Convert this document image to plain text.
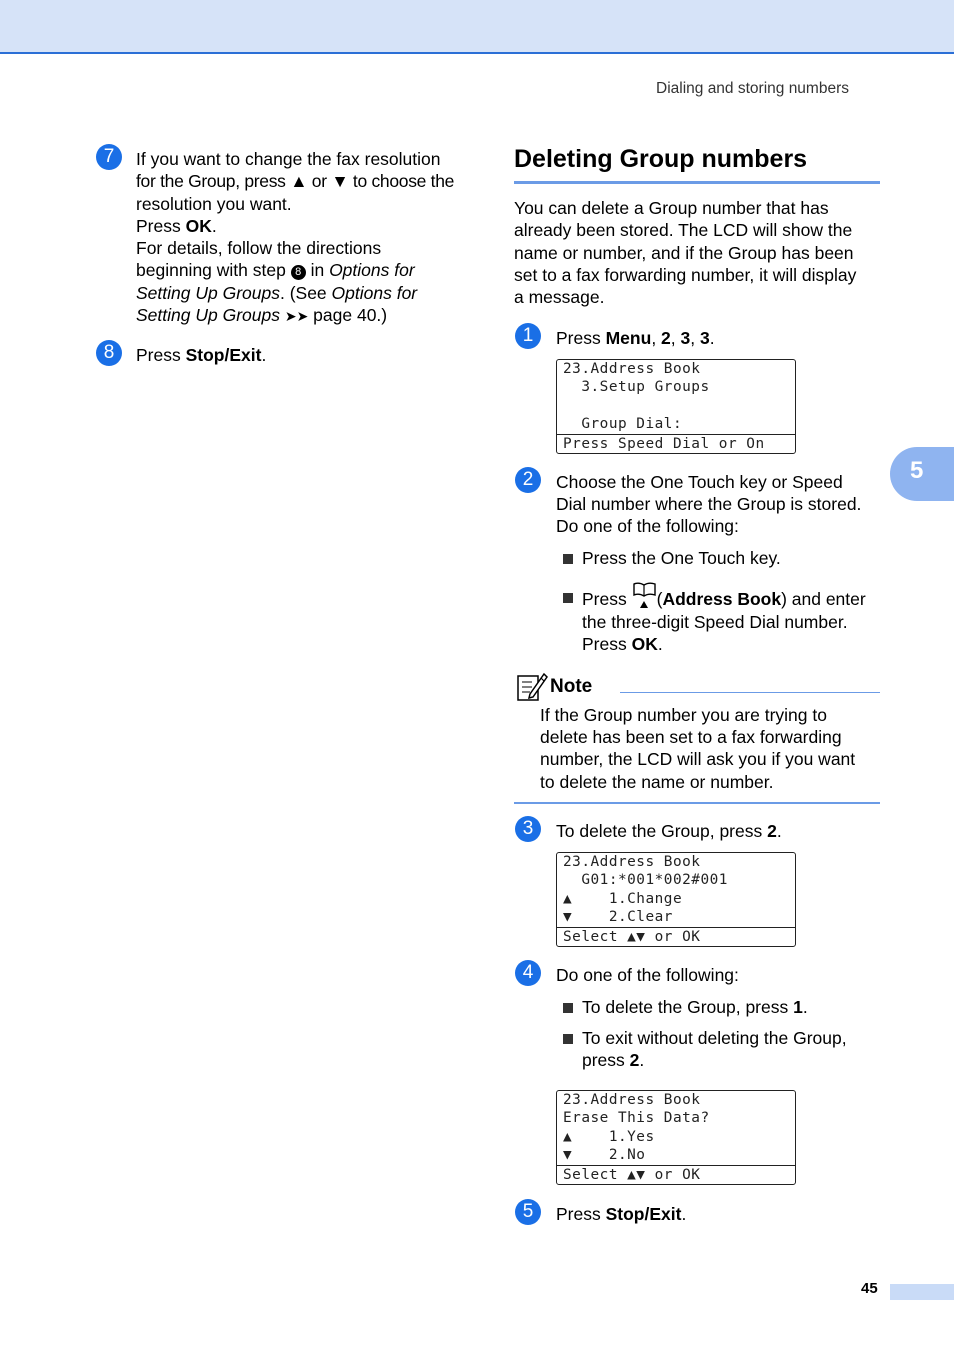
Dialing and storing numbers
7	If you want to change the fax resolution
for the Group, press ▲ or ▼ to choose the
resolution you want.
Press OK.
For details, follow the directions
beginning with step 8 in Options for
Setting Up Groups. (See Options for
Setting Up Groups ➤➤ page 40.)
8	Press Stop/Exit.
Deleting Group numbers
You can delete a Group number that has
already been stored. The LCD will show the
name or number, and if the Group has been
set to a fax forwarding number, it will display
a message.
1	Press Menu, 2, 3, 3.
23.Address Book
3.Setup Groups
Group Dial:
Press Speed Dial or On
2	Choose the One Touch key or Speed
Dial number where the Group is stored.
Do one of the following:
Press the One Touch key.
Press
(Address Book) and enter
the three-digit Speed Dial number.
Press OK.
Note
If the Group number you are trying to
delete has been set to a fax forwarding
number, the LCD will ask you if you want
to delete the name or number.
3	To delete the Group, press 2.
23.Address Book
G01:*001*002#001
▲    1.Change
▼    2.Clear
Select ▲▼ or OK
4	Do one of the following:
To delete the Group, press 1.
To exit without deleting the Group,
press 2.
23.Address Book
Erase This Data?
▲    1.Yes
▼    2.No
Select ▲▼ or OK
5	Press Stop/Exit.
5
45
